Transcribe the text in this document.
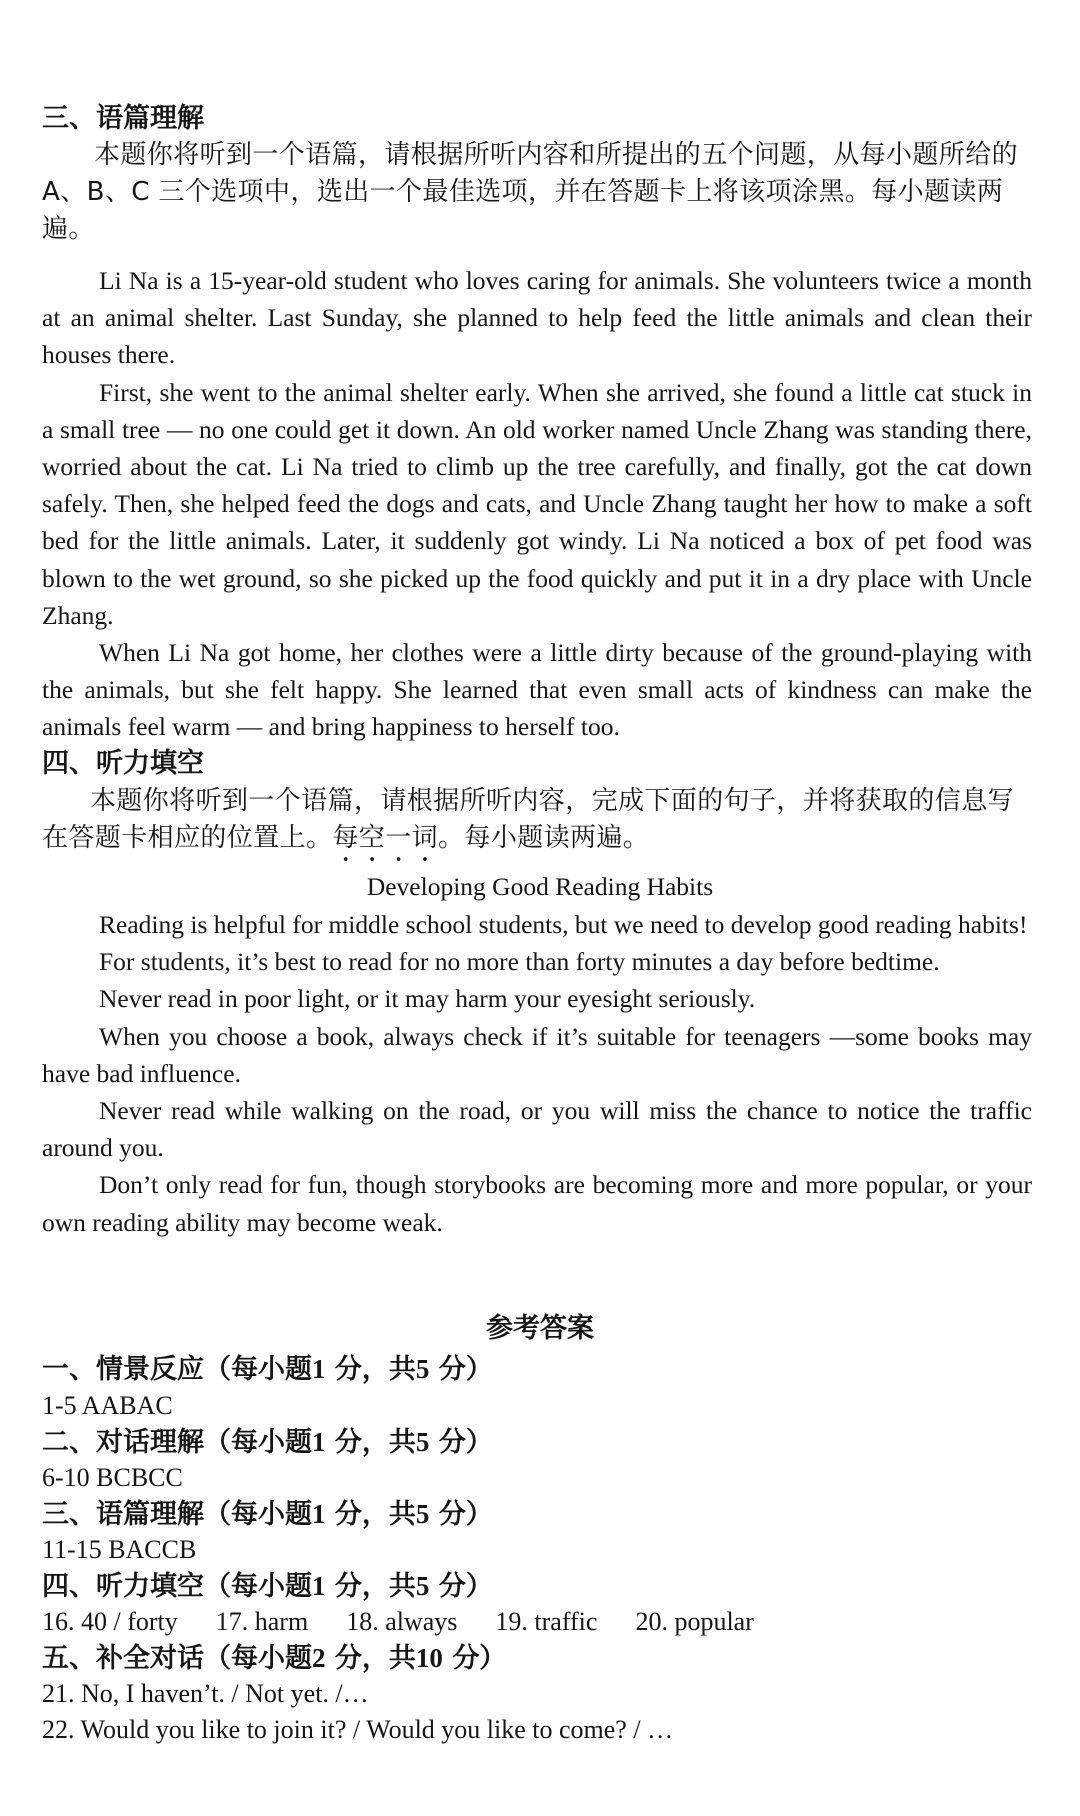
三、语篇理解
本题你将听到一个语篇，请根据所听内容和所提出的五个问题，从每小题所给的 A、B、C 三个选项中，选出一个最佳选项，并在答题卡上将该项涂黑。每小题读两遍。

Li Na is a 15-year-old student who loves caring for animals. She volunteers twice a month at an animal shelter. Last Sunday, she planned to help feed the little animals and clean their houses there.

First, she went to the animal shelter early. When she arrived, she found a little cat stuck in a small tree — no one could get it down. An old worker named Uncle Zhang was standing there, worried about the cat. Li Na tried to climb up the tree carefully, and finally, got the cat down safely. Then, she helped feed the dogs and cats, and Uncle Zhang taught her how to make a soft bed for the little animals. Later, it suddenly got windy. Li Na noticed a box of pet food was blown to the wet ground, so she picked up the food quickly and put it in a dry place with Uncle Zhang.

When Li Na got home, her clothes were a little dirty because of the ground-playing with the animals, but she felt happy. She learned that even small acts of kindness can make the animals feel warm — and bring happiness to herself too.

四、听力填空
本题你将听到一个语篇，请根据所听内容，完成下面的句子，并将获取的信息写在答题卡相应的位置上。每空一词。每小题读两遍。
Developing Good Reading Habits

Reading is helpful for middle school students, but we need to develop good reading habits!

For students, it’s best to read for no more than forty minutes a day before bedtime.

Never read in poor light, or it may harm your eyesight seriously.

When you choose a book, always check if it’s suitable for teenagers —some books may have bad influence.

Never read while walking on the road, or you will miss the chance to notice the traffic around you.

Don’t only read for fun, though storybooks are becoming more and more popular, or your own reading ability may become weak.

参考答案
一、情景反应（每小题1 分，共5 分）
1-5 AABAC
二、对话理解（每小题1 分，共5 分）
6-10 BCBCC
三、语篇理解（每小题1 分，共5 分）
11-15 BACCB
四、听力填空（每小题1 分，共5 分）
16. 40 / forty 17. harm 18. always 19. traffic 20. popular
五、补全对话（每小题2 分，共10 分）
21. No, I haven’t. / Not yet. /…
22. Would you like to join it? / Would you like to come? / …
